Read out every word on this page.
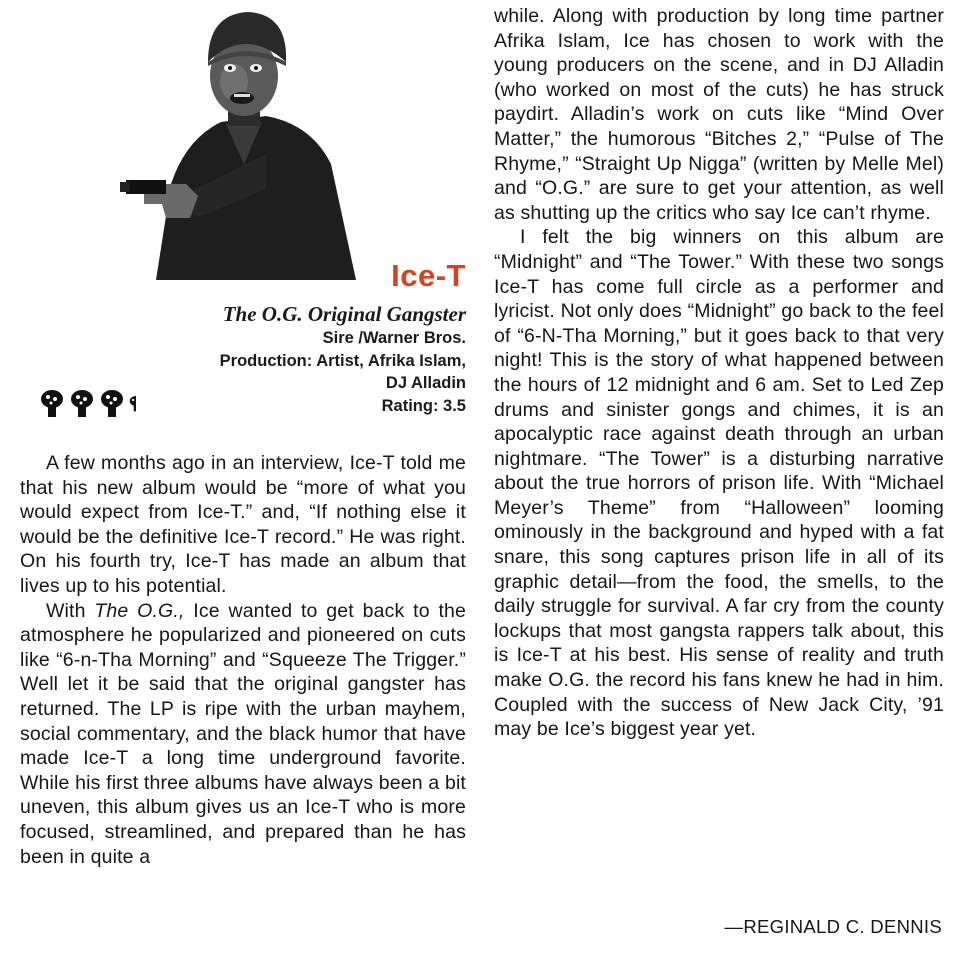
Ice-T
The O.G. Original Gangster
Sire /Warner Bros.
Production: Artist, Afrika Islam,
DJ Alladin
Rating: 3.5

A few months ago in an interview, Ice-T told me that his new album would be “more of what you would expect from Ice-T.” and, “If nothing else it would be the definitive Ice-T record.” He was right. On his fourth try, Ice-T has made an album that lives up to his potential.

With The O.G., Ice wanted to get back to the atmosphere he popularized and pioneered on cuts like “6-n-Tha Morning” and “Squeeze The Trigger.” Well let it be said that the original gangster has returned. The LP is ripe with the urban mayhem, social commentary, and the black humor that have made Ice-T a long time underground favorite. While his first three albums have always been a bit uneven, this album gives us an Ice-T who is more focused, streamlined, and prepared than he has been in quite a

while. Along with production by long time partner Afrika Islam, Ice has chosen to work with the young producers on the scene, and in DJ Alladin (who worked on most of the cuts) he has struck paydirt. Alladin’s work on cuts like “Mind Over Matter,” the humorous “Bitches 2,” “Pulse of The Rhyme,” “Straight Up Nigga” (written by Melle Mel) and “O.G.” are sure to get your attention, as well as shutting up the critics who say Ice can’t rhyme.

I felt the big winners on this album are “Midnight” and “The Tower.” With these two songs Ice-T has come full circle as a performer and lyricist. Not only does “Midnight” go back to the feel of “6-N-Tha Morning,” but it goes back to that very night! This is the story of what happened between the hours of 12 midnight and 6 am. Set to Led Zep drums and sinister gongs and chimes, it is an apocalyptic race against death through an urban nightmare. “The Tower” is a disturbing narrative about the true horrors of prison life. With “Michael Meyer’s Theme” from “Halloween” looming ominously in the background and hyped with a fat snare, this song captures prison life in all of its graphic detail—from the food, the smells, to the daily struggle for survival. A far cry from the county lockups that most gangsta rappers talk about, this is Ice-T at his best. His sense of reality and truth make O.G. the record his fans knew he had in him. Coupled with the success of New Jack City, ’91 may be Ice’s biggest year yet.

—REGINALD C. DENNIS
